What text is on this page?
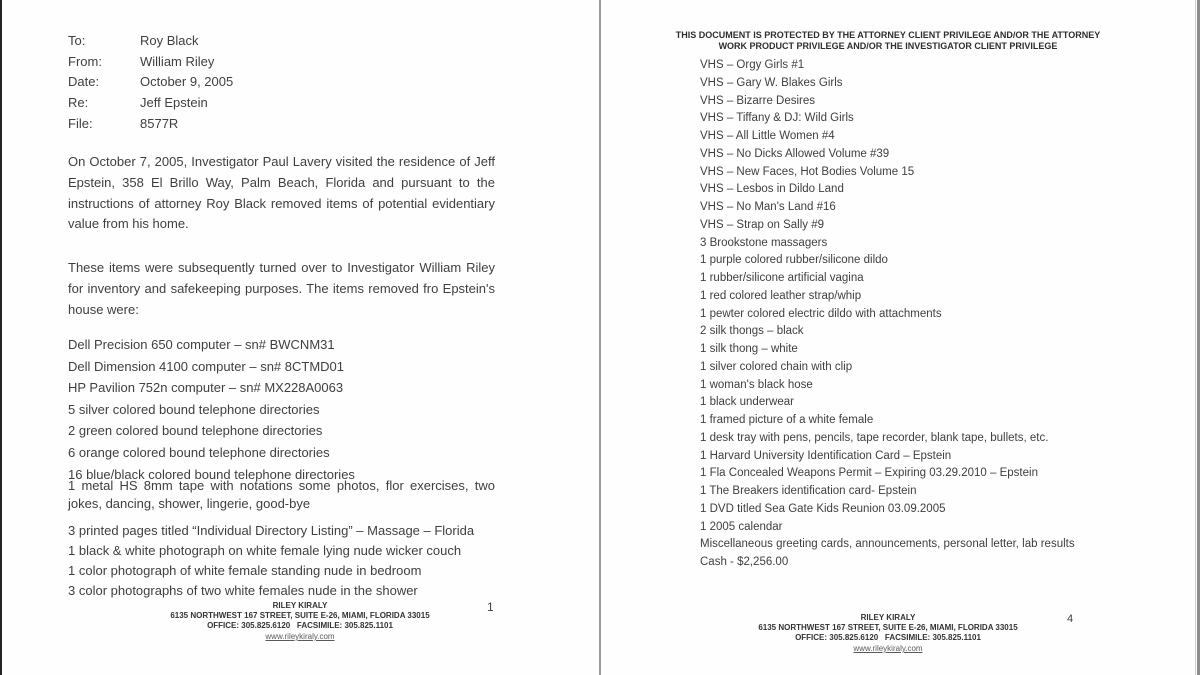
To:	Roy Black
From:	William Riley
Date:	October 9, 2005
Re:	Jeff Epstein
File:	8577R
On October 7, 2005, Investigator Paul Lavery visited the residence of Jeff Epstein, 358 El Brillo Way, Palm Beach, Florida and pursuant to the instructions of attorney Roy Black removed items of potential evidentiary value from his home.
These items were subsequently turned over to Investigator William Riley for inventory and safekeeping purposes. The items removed fro Epstein's house were:
Dell Precision 650 computer – sn# BWCNM31
Dell Dimension 4100 computer – sn# 8CTMD01
HP Pavilion 752n computer – sn# MX228A0063
5 silver colored bound telephone directories
2 green colored bound telephone directories
6 orange colored bound telephone directories
16 blue/black colored bound telephone directories
1 metal HS 8mm tape with notations some photos, flor exercises, two jokes, dancing, shower, lingerie, good-bye
3 printed pages titled “Individual Directory Listing” – Massage – Florida
1 black & white photograph on white female lying nude wicker couch
1 color photograph of white female standing nude in bedroom
3 color photographs of two white females nude in the shower
RILEY KIRALY
6135 NORTHWEST 167 STREET, SUITE E-26, MIAMI, FLORIDA 33015
OFFICE: 305.825.6120   FACSIMILE: 305.825.1101
www.rileykiraly.com
1
THIS DOCUMENT IS PROTECTED BY THE ATTORNEY CLIENT PRIVILEGE AND/OR THE ATTORNEY
WORK PRODUCT PRIVILEGE AND/OR THE INVESTIGATOR CLIENT PRIVILEGE
VHS – Orgy Girls #1
VHS – Gary W. Blakes Girls
VHS – Bizarre Desires
VHS – Tiffany & DJ: Wild Girls
VHS – All Little Women #4
VHS – No Dicks Allowed Volume #39
VHS – New Faces, Hot Bodies Volume 15
VHS – Lesbos in Dildo Land
VHS – No Man's Land #16
VHS – Strap on Sally #9
3 Brookstone massagers
1 purple colored rubber/silicone dildo
1 rubber/silicone artificial vagina
1 red colored leather strap/whip
1 pewter colored electric dildo with attachments
2 silk thongs – black
1 silk thong – white
1 silver colored chain with clip
1 woman's black hose
1 black underwear
1 framed picture of a white female
1 desk tray with pens, pencils, tape recorder, blank tape, bullets, etc.
1 Harvard University Identification Card – Epstein
1 Fla Concealed Weapons Permit – Expiring 03.29.2010 – Epstein
1 The Breakers identification card- Epstein
1 DVD titled Sea Gate Kids Reunion 03.09.2005
1 2005 calendar
Miscellaneous greeting cards, announcements, personal letter, lab results
Cash - $2,256.00
RILEY KIRALY
6135 NORTHWEST 167 STREET, SUITE E-26, MIAMI, FLORIDA 33015
OFFICE: 305.825.6120   FACSIMILE: 305.825.1101
www.rileykiraly.com
4
